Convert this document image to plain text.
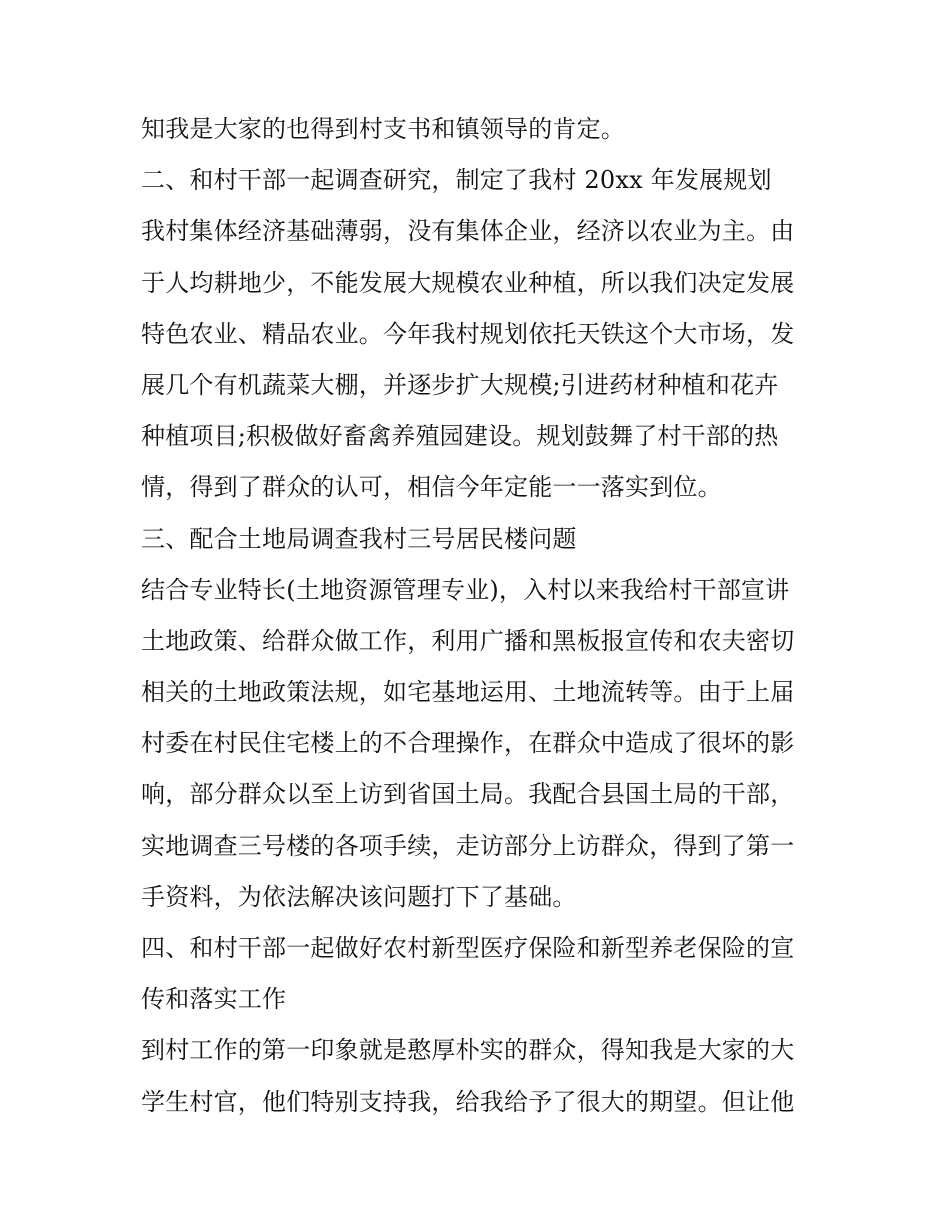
知我是大家的也得到村支书和镇领导的肯定。
二、和村干部一起调查研究，制定了我村 20xx 年发展规划
我村集体经济基础薄弱，没有集体企业，经济以农业为主。由
于人均耕地少，不能发展大规模农业种植，所以我们决定发展
特色农业、精品农业。今年我村规划依托天铁这个大市场，发
展几个有机蔬菜大棚，并逐步扩大规模;引进药材种植和花卉
种植项目;积极做好畜禽养殖园建设。规划鼓舞了村干部的热
情，得到了群众的认可，相信今年定能一一落实到位。
三、配合土地局调查我村三号居民楼问题
结合专业特长(土地资源管理专业)，入村以来我给村干部宣讲
土地政策、给群众做工作，利用广播和黑板报宣传和农夫密切
相关的土地政策法规，如宅基地运用、土地流转等。由于上届
村委在村民住宅楼上的不合理操作，在群众中造成了很坏的影
响，部分群众以至上访到省国土局。我配合县国土局的干部，
实地调查三号楼的各项手续，走访部分上访群众，得到了第一
手资料，为依法解决该问题打下了基础。
四、和村干部一起做好农村新型医疗保险和新型养老保险的宣
传和落实工作
到村工作的第一印象就是憨厚朴实的群众，得知我是大家的大
学生村官，他们特别支持我，给我给予了很大的期望。但让他
